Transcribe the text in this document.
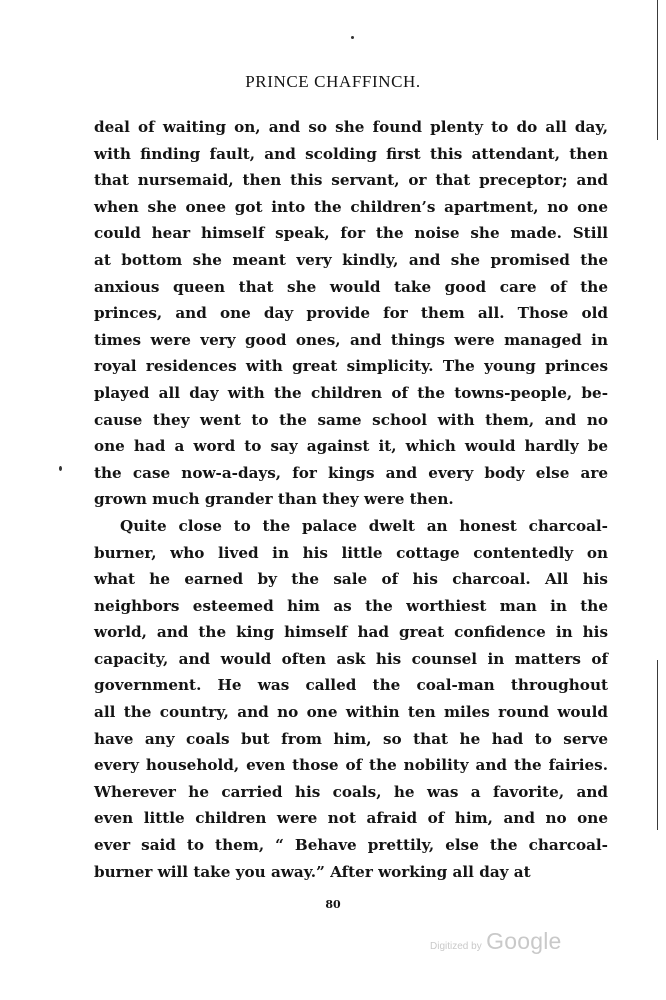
PRINCE CHAFFINCH.
deal of waiting on, and so she found plenty to do all day,
with finding fault, and scolding first this attendant, then
that nursemaid, then this servant, or that preceptor; and
when she onee got into the children’s apartment, no one
could hear himself speak, for the noise she made. Still
at bottom she meant very kindly, and she promised the
anxious queen that she would take good care of the
princes, and one day provide for them all. Those old
times were very good ones, and things were managed in
royal residences with great simplicity. The young princes
played all day with the children of the towns-people, be-
cause they went to the same school with them, and no
one had a word to say against it, which would hardly be
the case now-a-days, for kings and every body else are
grown much grander than they were then.
Quite close to the palace dwelt an honest charcoal-
burner, who lived in his little cottage contentedly on
what he earned by the sale of his charcoal. All his
neighbors esteemed him as the worthiest man in the
world, and the king himself had great confidence in his
capacity, and would often ask his counsel in matters of
government. He was called the coal-man throughout
all the country, and no one within ten miles round would
have any coals but from him, so that he had to serve
every household, even those of the nobility and the fairies.
Wherever he carried his coals, he was a favorite, and
even little children were not afraid of him, and no one
ever said to them, “ Behave prettily, else the charcoal-
burner will take you away.” After working all day at
80
Digitized by Google
